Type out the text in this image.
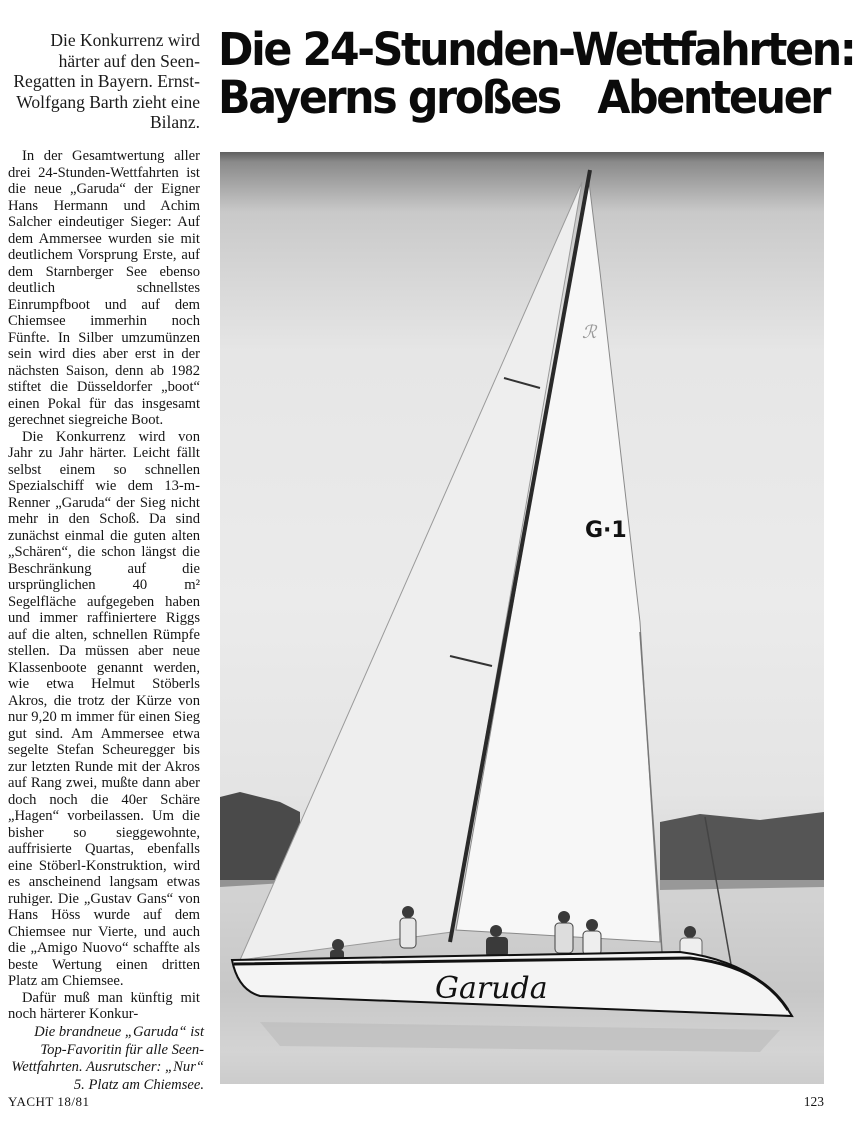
Die Konkurrenz wird härter auf den Seen-Regatten in Bayern. Ernst-Wolfgang Barth zieht eine Bilanz.
Die 24-Stunden-Wettfahrten:
Bayerns großes   Abenteuer

In der Gesamtwertung aller drei 24-Stunden-Wettfahrten ist die neue „Garuda“ der Eigner Hans Hermann und Achim Salcher eindeutiger Sieger: Auf dem Ammersee wurden sie mit deutlichem Vorsprung Erste, auf dem Starnberger See ebenso deutlich schnellstes Einrumpfboot und auf dem Chiemsee immerhin noch Fünfte. In Silber umzumünzen sein wird dies aber erst in der nächsten Saison, denn ab 1982 stiftet die Düsseldorfer „boot“ einen Pokal für das insgesamt gerechnet siegreiche Boot.

Die Konkurrenz wird von Jahr zu Jahr härter. Leicht fällt selbst einem so schnellen Spezialschiff wie dem 13-m-Renner „Garuda“ der Sieg nicht mehr in den Schoß. Da sind zunächst einmal die guten alten „Schären“, die schon längst die Beschränkung auf die ursprünglichen 40 m² Segelfläche aufgegeben haben und immer raffiniertere Riggs auf die alten, schnellen Rümpfe stellen. Da müssen aber neue Klassenboote genannt werden, wie etwa Helmut Stöberls Akros, die trotz der Kürze von nur 9,20 m immer für einen Sieg gut sind. Am Ammersee etwa segelte Stefan Scheuregger bis zur letzten Runde mit der Akros auf Rang zwei, mußte dann aber doch noch die 40er Schäre „Hagen“ vorbeilassen. Um die bisher so sieggewohnte, auffrisierte Quartas, ebenfalls eine Stöberl-Konstruktion, wird es anscheinend langsam etwas ruhiger. Die „Gustav Gans“ von Hans Höss wurde auf dem Chiemsee nur Vierte, und auch die „Amigo Nuovo“ schaffte als beste Wertung einen dritten Platz am Chiemsee.

Dafür muß man künftig mit noch härterer Konkur-

Die brandneue „Garuda“ ist Top-Favoritin für alle Seen-Wettfahrten. Ausrutscher: „Nur“ 5. Platz am Chiemsee.
ℛ
G·1
Garuda
YACHT 18/81	123
